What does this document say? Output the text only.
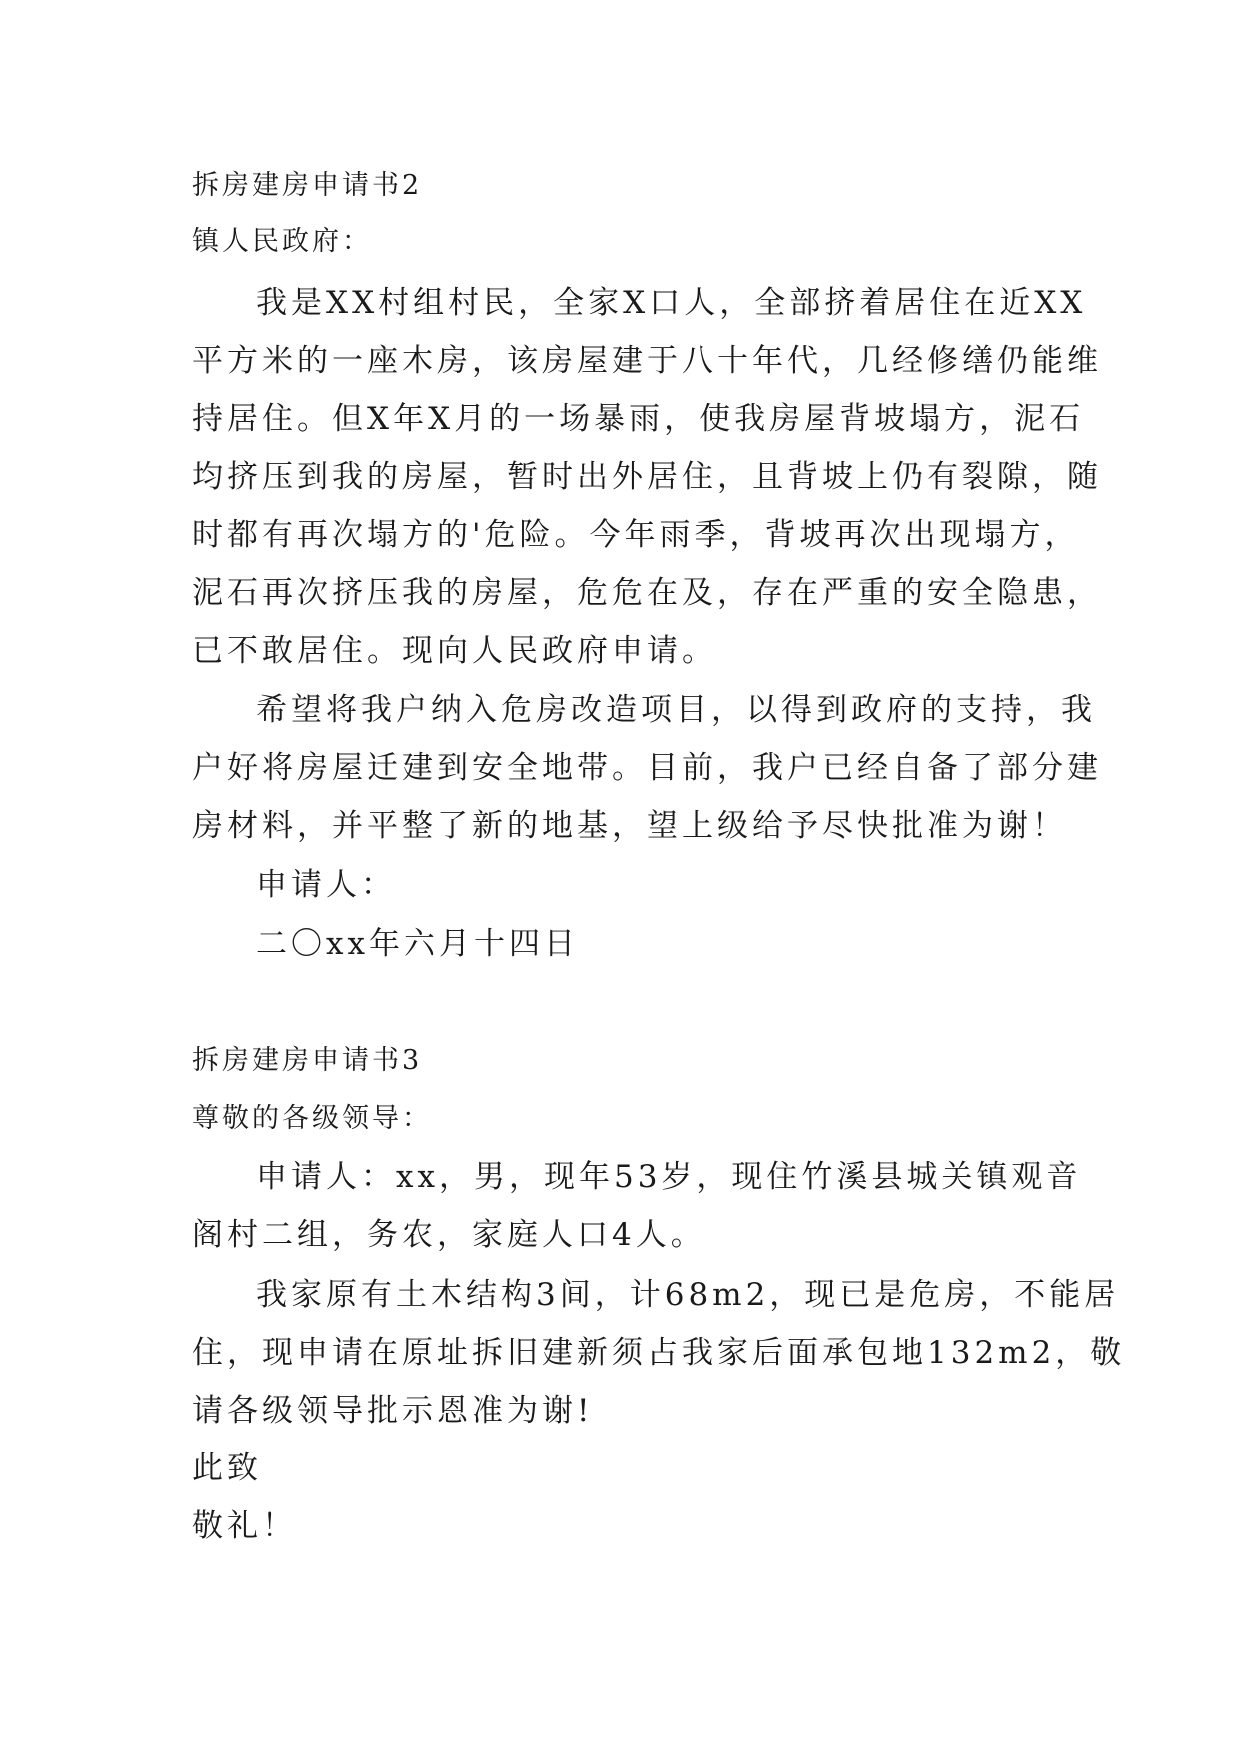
拆房建房申请书2
镇人民政府：
我是XX村组村民，全家X口人，全部挤着居住在近XX
平方米的一座木房，该房屋建于八十年代，几经修缮仍能维
持居住。但X年X月的一场暴雨，使我房屋背坡塌方，泥石
均挤压到我的房屋，暂时出外居住，且背坡上仍有裂隙，随
时都有再次塌方的'危险。今年雨季，背坡再次出现塌方，
泥石再次挤压我的房屋，危危在及，存在严重的安全隐患，
已不敢居住。现向人民政府申请。
希望将我户纳入危房改造项目，以得到政府的支持，我
户好将房屋迁建到安全地带。目前，我户已经自备了部分建
房材料，并平整了新的地基，望上级给予尽快批准为谢！
申请人：
二〇xx年六月十四日
拆房建房申请书3
尊敬的各级领导：
申请人：xx，男，现年53岁，现住竹溪县城关镇观音
阁村二组，务农，家庭人口4人。
我家原有土木结构3间，计68m2，现已是危房，不能居
住，现申请在原址拆旧建新须占我家后面承包地132m2，敬
请各级领导批示恩准为谢!
此致
敬礼！
